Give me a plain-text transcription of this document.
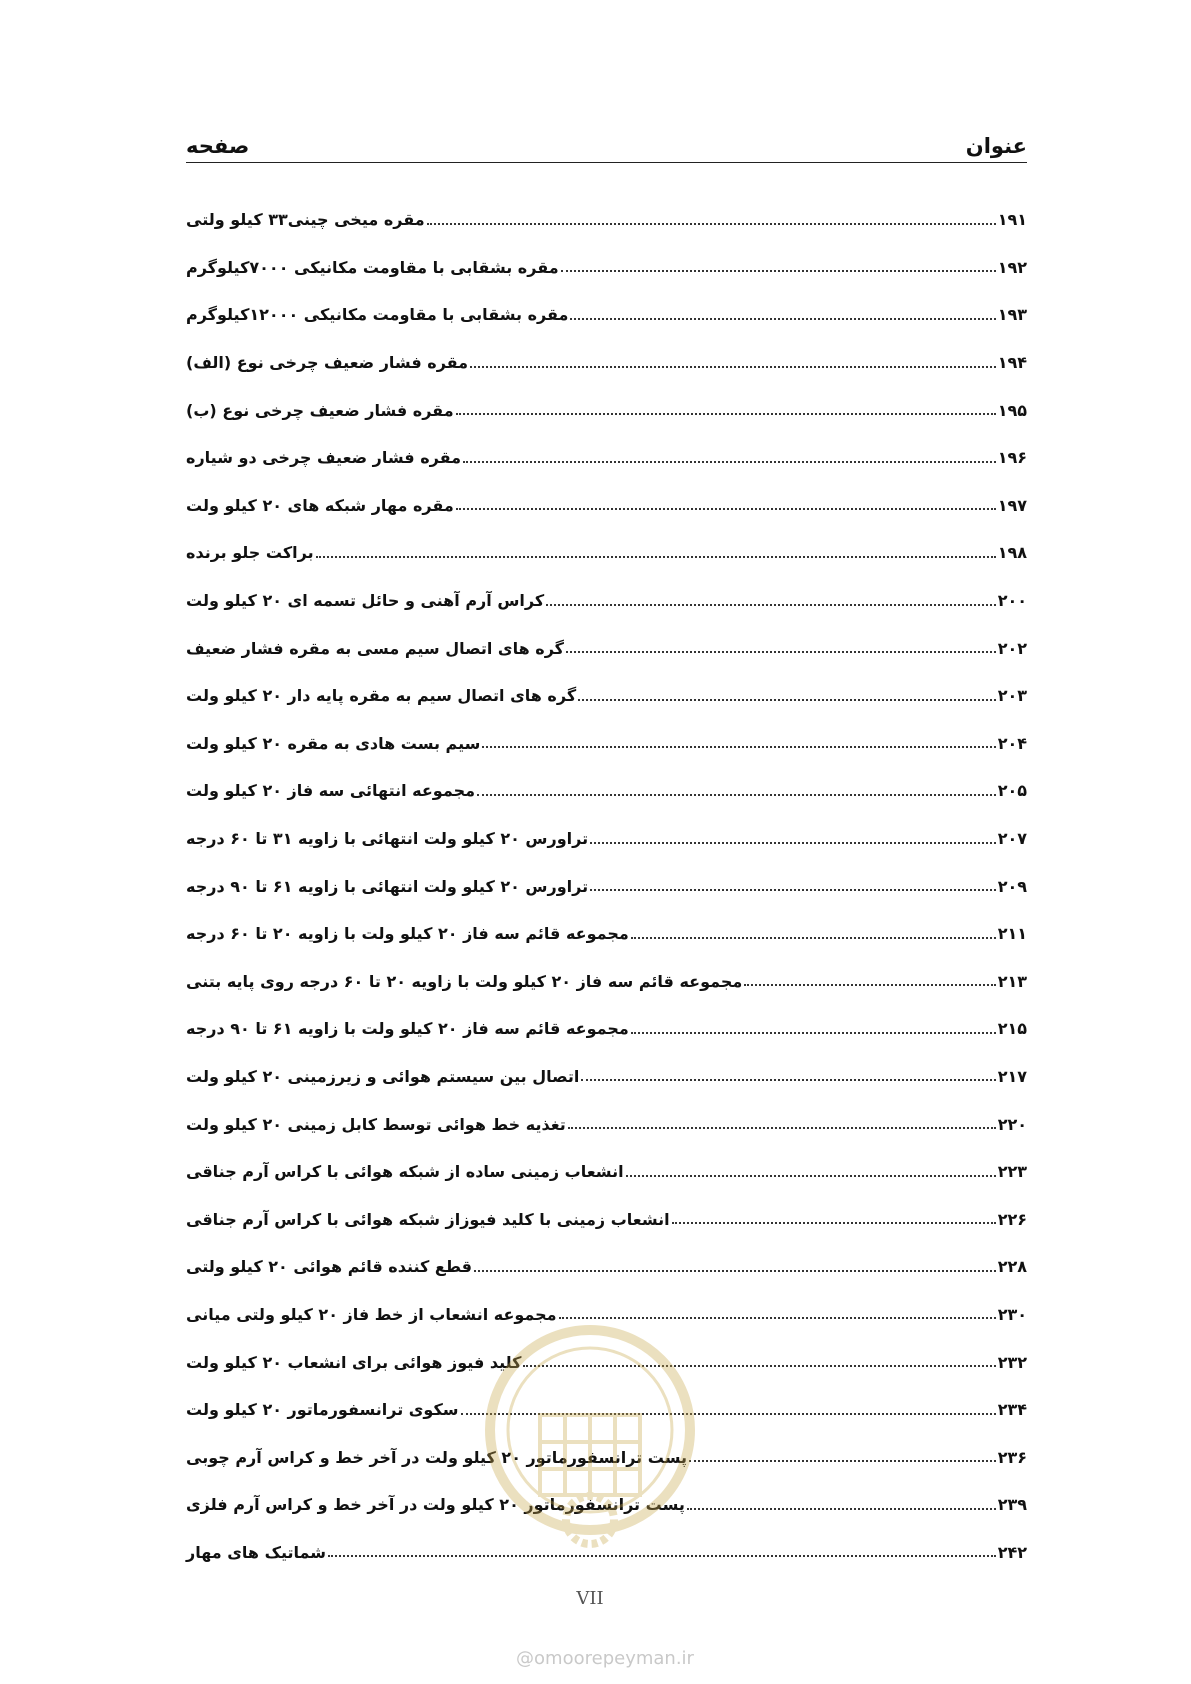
صفحه	عنوان
مقره میخی چینی۳۳ کیلو ولتی	۱۹۱
مقره بشقابی با مقاومت مکانیکی ۷۰۰۰کیلوگرم	۱۹۲
مقره بشقابی با مقاومت مکانیکی ۱۲۰۰۰کیلوگرم	۱۹۳
مقره فشار ضعیف چرخی نوع (الف)	۱۹۴
مقره فشار ضعیف چرخی نوع (ب)	۱۹۵
مقره فشار ضعیف چرخی دو شیاره	۱۹۶
مقره مهار شبکه های ۲۰ کیلو ولت	۱۹۷
براکت جلو برنده	۱۹۸
کراس آرم آهنی و حائل تسمه ای ۲۰ کیلو ولت	۲۰۰
گره های اتصال سیم مسی به مقره فشار ضعیف	۲۰۲
گره های اتصال سیم به مقره پایه دار ۲۰ کیلو ولت	۲۰۳
سیم بست هادی به مقره ۲۰ کیلو ولت	۲۰۴
مجموعه انتهائی سه فاز ۲۰ کیلو ولت	۲۰۵
تراورس ۲۰ کیلو ولت انتهائی با زاویه ۳۱ تا ۶۰ درجه	۲۰۷
تراورس ۲۰ کیلو ولت انتهائی با زاویه ۶۱ تا ۹۰ درجه	۲۰۹
مجموعه قائم سه فاز ۲۰ کیلو ولت با زاویه ۲۰ تا ۶۰ درجه	۲۱۱
مجموعه قائم سه فاز ۲۰ کیلو ولت با زاویه ۲۰ تا ۶۰ درجه روی پایه بتنی	۲۱۳
مجموعه قائم سه فاز ۲۰ کیلو ولت با زاویه ۶۱ تا ۹۰ درجه	۲۱۵
اتصال بین سیستم هوائی و زیرزمینی ۲۰ کیلو ولت	۲۱۷
تغذیه خط هوائی توسط کابل زمینی ۲۰ کیلو ولت	۲۲۰
انشعاب زمینی ساده از شبکه هوائی با کراس آرم جناقی	۲۲۳
انشعاب زمینی با کلید فیوزاز شبکه هوائی با کراس آرم جناقی	۲۲۶
قطع کننده قائم هوائی ۲۰ کیلو ولتی	۲۲۸
مجموعه انشعاب از خط فاز ۲۰ کیلو ولتی میانی	۲۳۰
کلید فیوز هوائی برای انشعاب ۲۰ کیلو ولت	۲۳۲
سکوی ترانسفورماتور ۲۰ کیلو ولت	۲۳۴
پست ترانسفورماتور ۲۰ کیلو ولت در آخر خط و کراس آرم چوبی	۲۳۶
پست ترانسفورماتور ۲۰ کیلو ولت در آخر خط و کراس آرم فلزی	۲۳۹
شماتیک های مهار	۲۴۲
VII
@omoorepeyman.ir
